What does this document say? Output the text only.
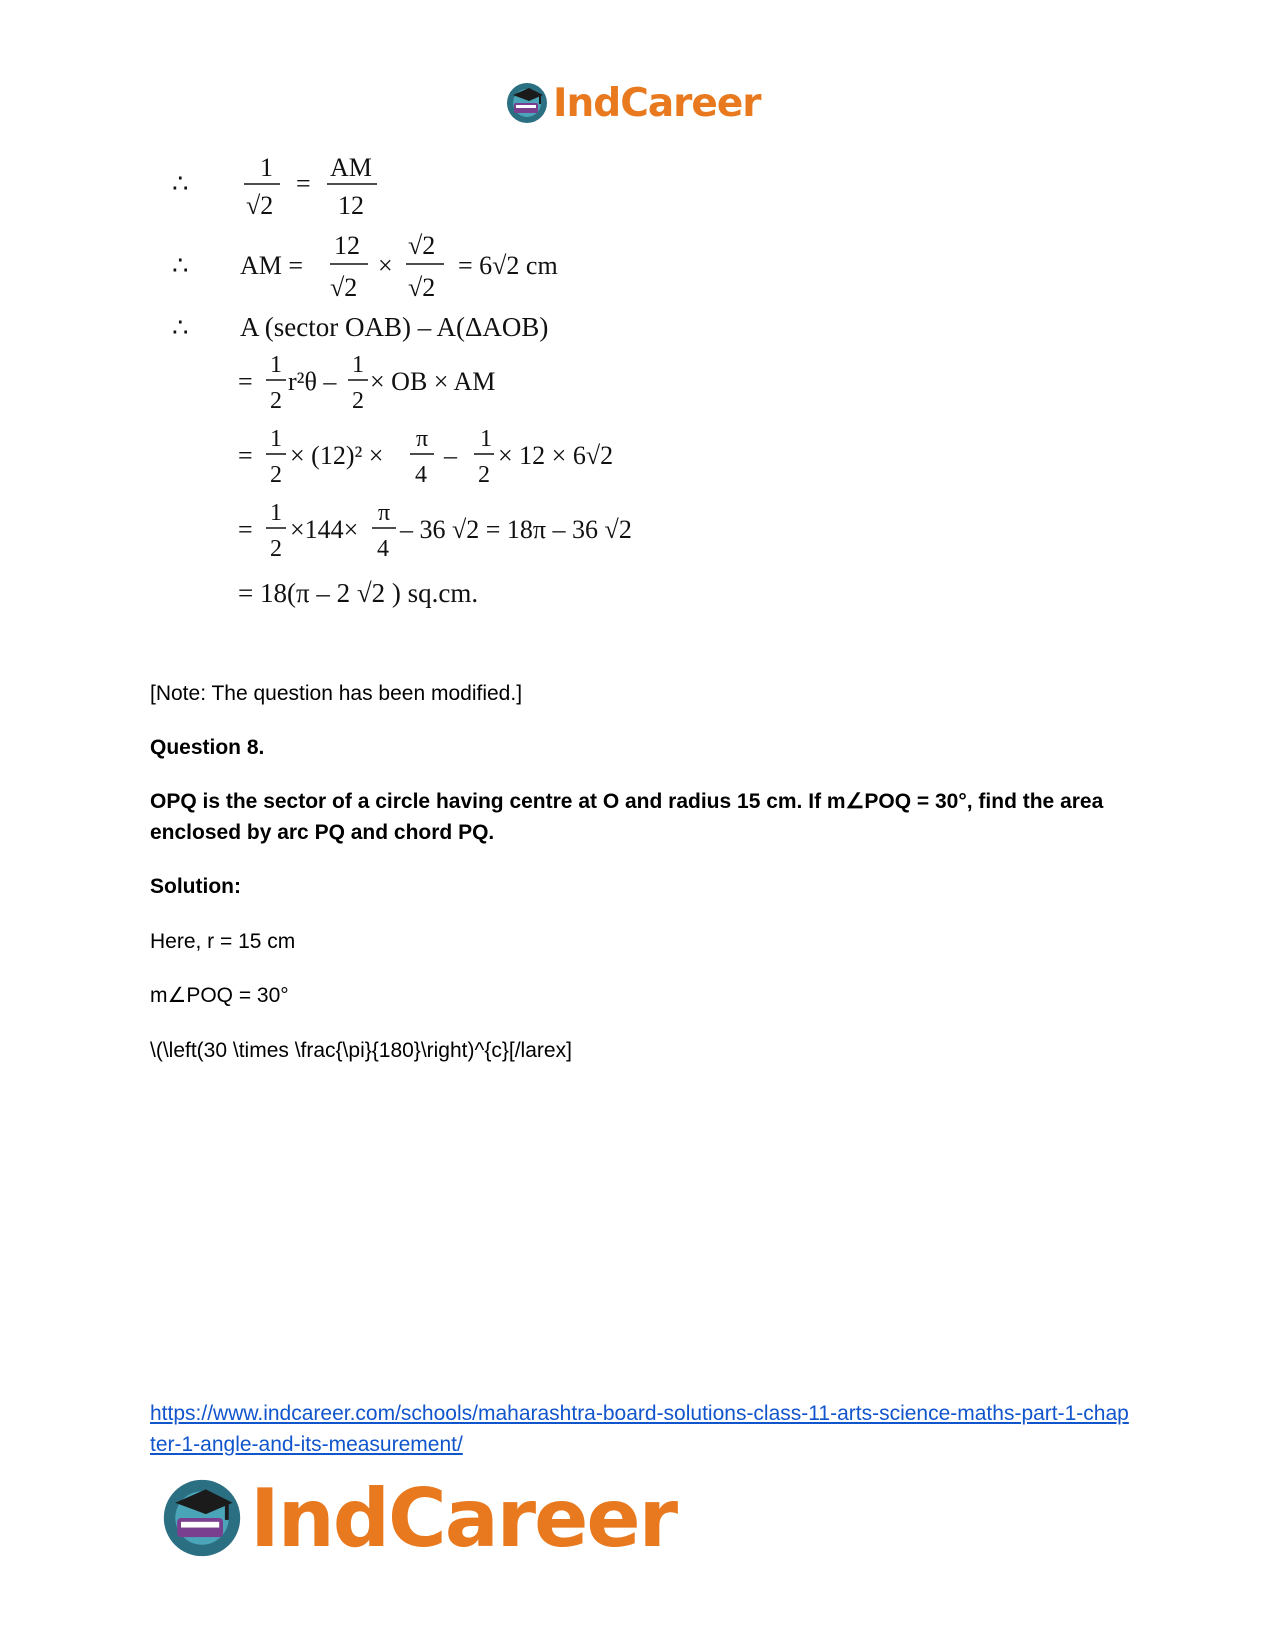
IndCareer
∴
1
√2
=
AM
12
∴ AM =
12
√2
×
√2
√2
= 6√2 cm
∴ A (sector OAB) – A(ΔAOB)
=
1
2
r²θ –
1
2
× OB × AM
=
1
2
× (12)² ×
π
4
–
1
2
× 12 × 6√2
=
1
2
×144×
π
4
– 36 √2 = 18π – 36 √2
= 18(π – 2 √2 ) sq.cm.
[Note: The question has been modified.]
Question 8.
OPQ is the sector of a circle having centre at O and radius 15 cm. If m∠POQ = 30°, find the area enclosed by arc PQ and chord PQ.
Solution:
Here, r = 15 cm
m∠POQ = 30°
\(\left(30 \times \frac{\pi}{180}\right)^{c}[/larex]
https://www.indcareer.com/schools/maharashtra-board-solutions-class-11-arts-science-maths-part-1-chapter-1-angle-and-its-measurement/
IndCareer
